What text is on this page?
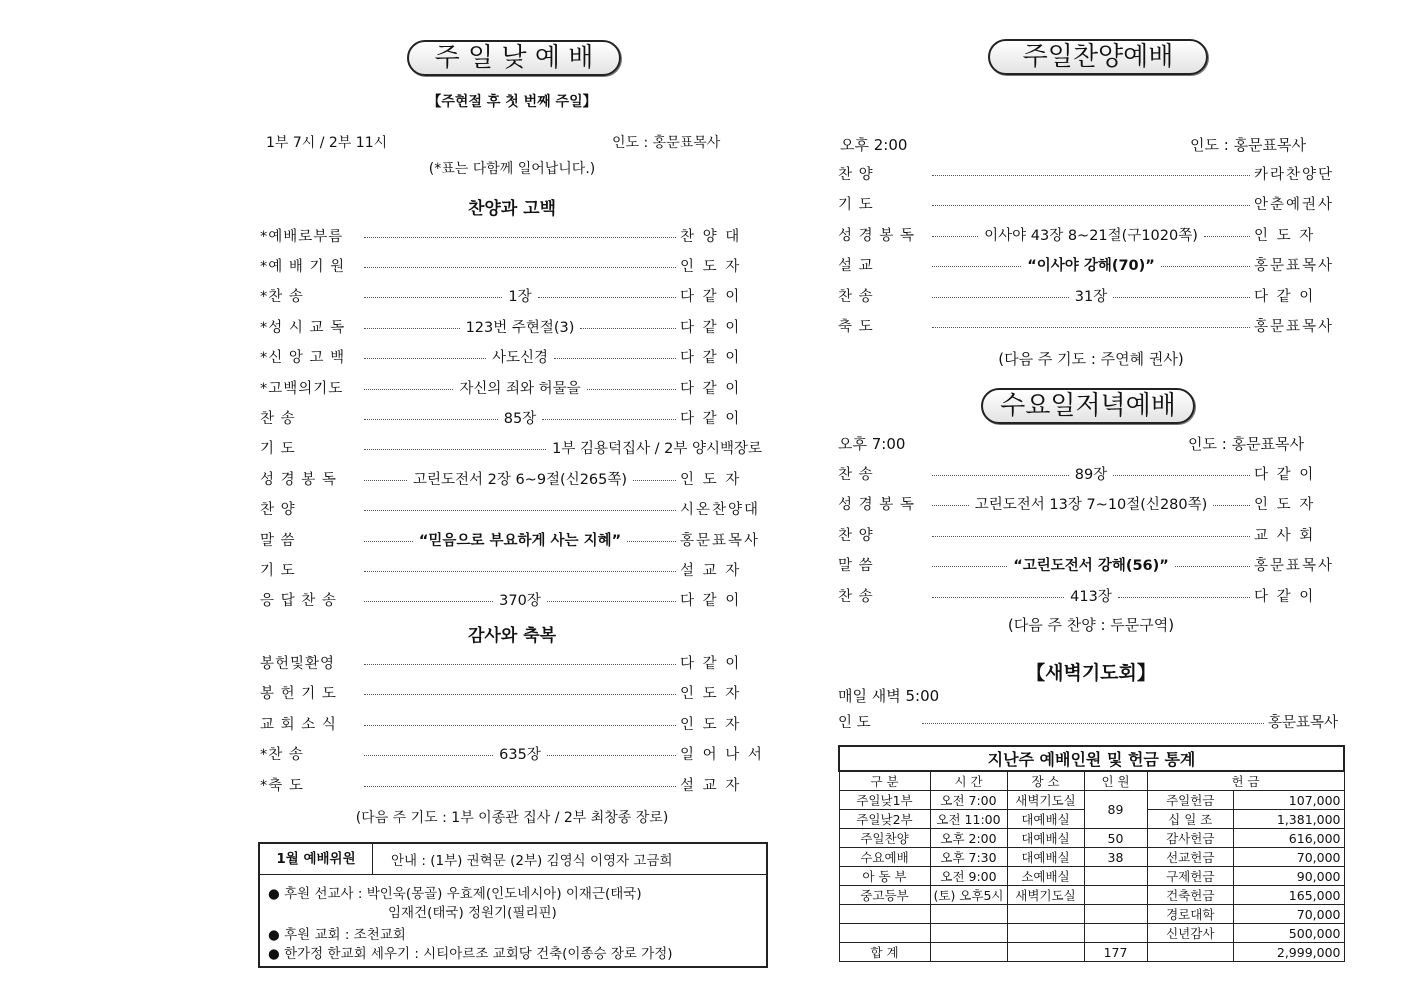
주 일 낮 예 배
【주현절 후 첫 번째 주일】
1부 7시 / 2부 11시	인도 : 홍문표목사
(*표는 다함께 일어납니다.)
찬양과 고백
*예배로부름	찬 양 대
*예 배 기 원	인 도 자
*찬 송	1장	다 같 이
*성 시 교 독	123번 주현절(3)	다 같 이
*신 앙 고 백	사도신경	다 같 이
*고백의기도	자신의 죄와 허물을	다 같 이
찬 송	85장	다 같 이
기 도	1부 김용덕집사 / 2부 양시백장로
성 경 봉 독	고린도전서 2장 6~9절(신265쪽)	인 도 자
찬 양	시온찬양대
말 씀	“믿음으로 부요하게 사는 지혜”	홍문표목사
기 도	설 교 자
응 답 찬 송	370장	다 같 이
감사와 축복
봉헌및환영	다 같 이
봉 헌 기 도	인 도 자
교 회 소 식	인 도 자
*찬 송	635장	일 어 나 서
*축 도	설 교 자
(다음 주 기도 : 1부 이종관 집사 / 2부 최창종 장로)
1월 예배위원	안내 : (1부) 권혁문 (2부) 김영식 이영자 고금희
● 후원 선교사 : 박인욱(몽골) 우효제(인도네시아) 이재근(태국)
임재건(태국) 정원기(필리핀)
● 후원 교회 : 조천교회
● 한가정 한교회 세우기 : 시티아르조 교회당 건축(이종승 장로 가정)
주일찬양예배
오후 2:00	인도 : 홍문표목사
찬 양	카라찬양단
기 도	안춘예권사
성 경 봉 독	이사야 43장 8~21절(구1020쪽)	인 도 자
설 교	“이사야 강해(70)”	홍문표목사
찬 송	31장	다 같 이
축 도	홍문표목사
(다음 주 기도 : 주연혜 권사)
수요일저녁예배
오후 7:00	인도 : 홍문표목사
찬 송	89장	다 같 이
성 경 봉 독	고린도전서 13장 7~10절(신280쪽)	인 도 자
찬 양	교 사 회
말 씀	“고린도전서 강해(56)”	홍문표목사
찬 송	413장	다 같 이
(다음 주 찬양 : 두문구역)
【새벽기도회】
매일 새벽 5:00
인 도	홍문표목사
지난주 예배인원 및 헌금 통계					
구 분	시 간	장 소	인 원	헌 금	
주일낮1부	오전 7:00	새벽기도실	89	주일헌금	107,000
주일낮2부	오전 11:00	대예배실		십 일 조	1,381,000
주일찬양	오후 2:00	대예배실	50	감사헌금	616,000
수요예배	오후 7:30	대예배실	38	선교헌금	70,000
아 동 부	오전 9:00	소예배실		구제헌금	90,000
중고등부	(토) 오후5시	새벽기도실		건축헌금	165,000
				경로대학	70,000
				신년감사	500,000
합 계			177		2,999,000
